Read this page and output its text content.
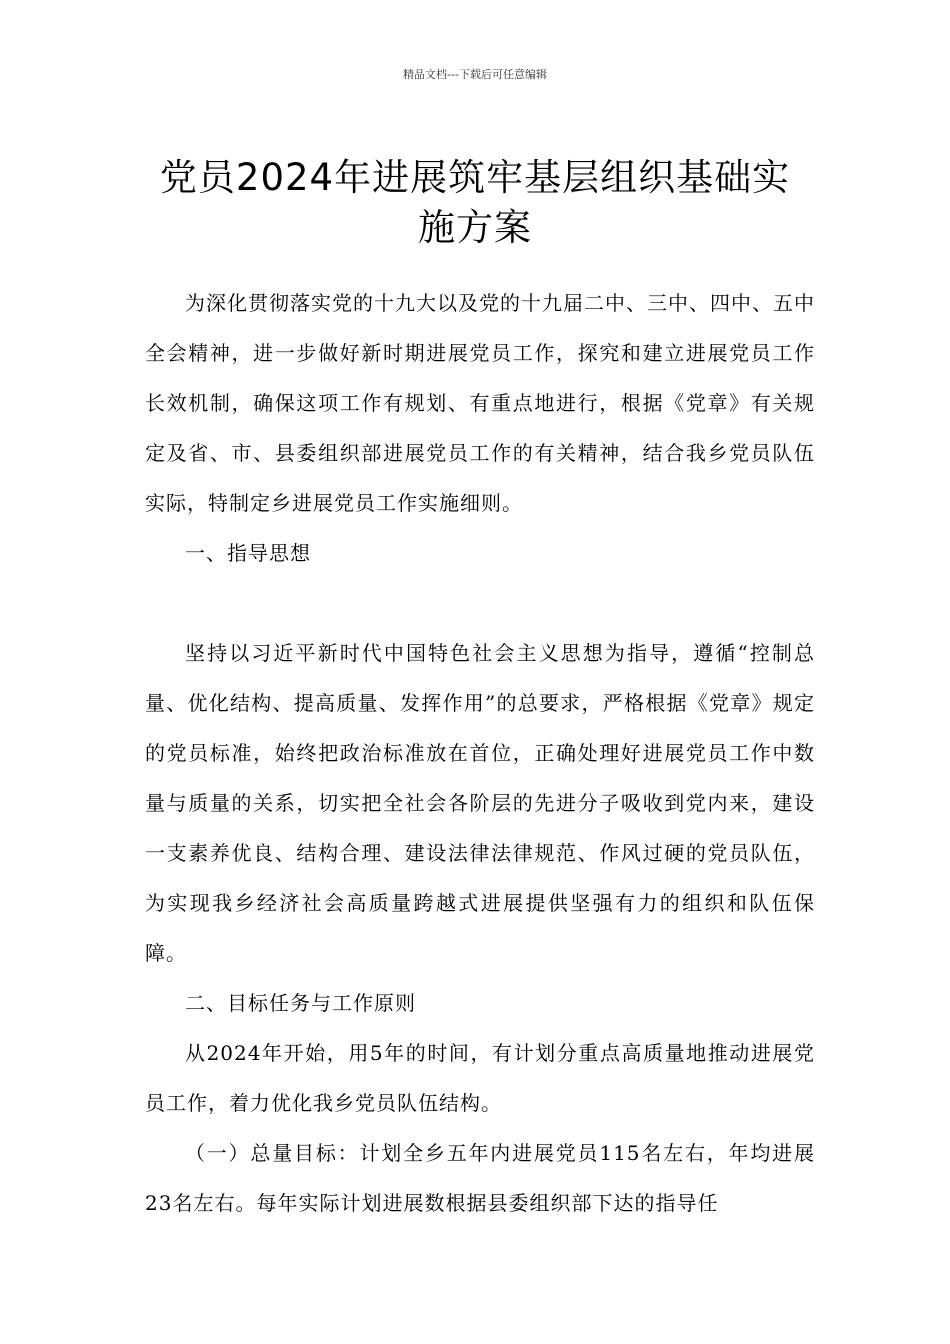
精品文档---下载后可任意编辑
党员2024年进展筑牢基层组织基础实
施方案

为深化贯彻落实党的十九大以及党的十九届二中、三中、四中、五中全会精神，进一步做好新时期进展党员工作，探究和建立进展党员工作长效机制，确保这项工作有规划、有重点地进行，根据《党章》有关规定及省、市、县委组织部进展党员工作的有关精神，结合我乡党员队伍实际，特制定乡进展党员工作实施细则。

一、指导思想

坚持以习近平新时代中国特色社会主义思想为指导，遵循“控制总量、优化结构、提高质量、发挥作用”的总要求，严格根据《党章》规定的党员标准，始终把政治标准放在首位，正确处理好进展党员工作中数量与质量的关系，切实把全社会各阶层的先进分子吸收到党内来，建设一支素养优良、结构合理、建设法律法律规范、作风过硬的党员队伍，为实现我乡经济社会高质量跨越式进展提供坚强有力的组织和队伍保障。

二、目标任务与工作原则

从2024年开始，用5年的时间，有计划分重点高质量地推动进展党员工作，着力优化我乡党员队伍结构。

（一）总量目标：计划全乡五年内进展党员115名左右，年均进展23名左右。每年实际计划进展数根据县委组织部下达的指导任
